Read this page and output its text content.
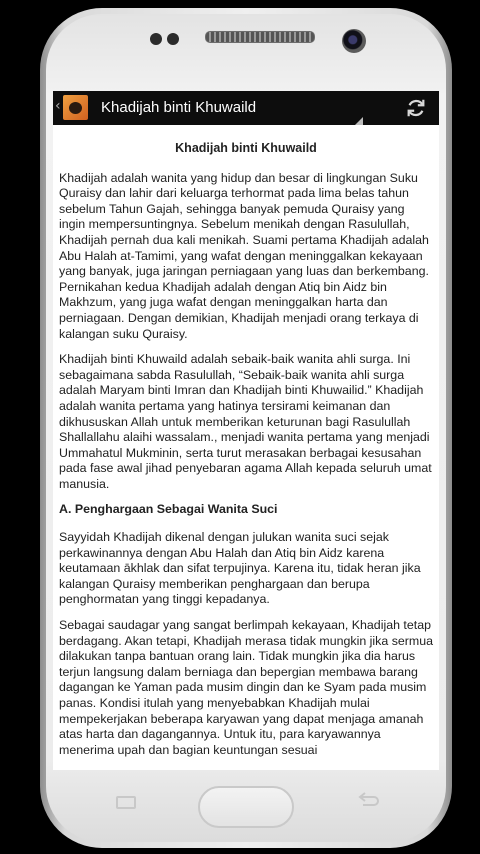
‹	Khadijah binti Khuwaild
Khadijah binti Khuwaild

Khadijah adalah wanita yang hidup dan besar di lingkungan Suku Quraisy dan lahir dari keluarga terhormat pada lima belas tahun sebelum Tahun Gajah, sehingga banyak pemuda Quraisy yang ingin mempersuntingnya. Sebelum menikah dengan Rasulullah, Khadijah pernah dua kali menikah. Suami pertama Khadijah adalah Abu Halah at-Tamimi, yang wafat dengan meninggalkan kekayaan yang banyak, juga jaringan perniagaan yang luas dan berkembang. Pernikahan kedua Khadijah adalah dengan Atiq bin Aidz bin Makhzum, yang juga wafat dengan meninggalkan harta dan perniagaan. Dengan demikian, Khadijah menjadi orang terkaya di kalangan suku Quraisy.

Khadijah binti Khuwaild adalah sebaik-baik wanita ahli surga. Ini sebagaimana sabda Rasulullah, “Sebaik-baik wanita ahli surga adalah Maryam binti Imran dan Khadijah binti Khuwailid.” Khadijah adalah wanita pertama yang hatinya tersirami keimanan dan dikhususkan Allah untuk memberikan keturunan bagi Rasulullah Shallallahu alaihi wassalam., menjadi wanita pertama yang menjadi Ummahatul Mukminin, serta turut merasakan berbagai kesusahan pada fase awal jihad penyebaran agama Allah kepada seluruh umat manusia.

A. Penghargaan Sebagai Wanita Suci

Sayyidah Khadijah dikenal dengan julukan wanita suci sejak perkawinannya dengan Abu Halah dan Atiq bin Aidz karena keutamaan ākhlak dan sifat terpujinya. Karena itu, tidak heran jika kalangan Quraisy memberikan penghargaan dan berupa penghormatan yang tinggi kepadanya.

Sebagai saudagar yang sangat berlimpah kekayaan, Khadijah tetap berdagang. Akan tetapi, Khadijah merasa tidak mungkin jika sermua dilakukan tanpa bantuan orang lain. Tidak mungkin jika dia harus terjun langsung dalam berniaga dan bepergian membawa barang dagangan ke Yaman pada musim dingin dan ke Syam pada musim panas. Kondisi itulah yang menyebabkan Khadijah mulai mempekerjakan beberapa karyawan yang dapat menjaga amanah atas harta dan dagangannya. Untuk itu, para karyawannya menerima upah dan bagian keuntungan sesuai
